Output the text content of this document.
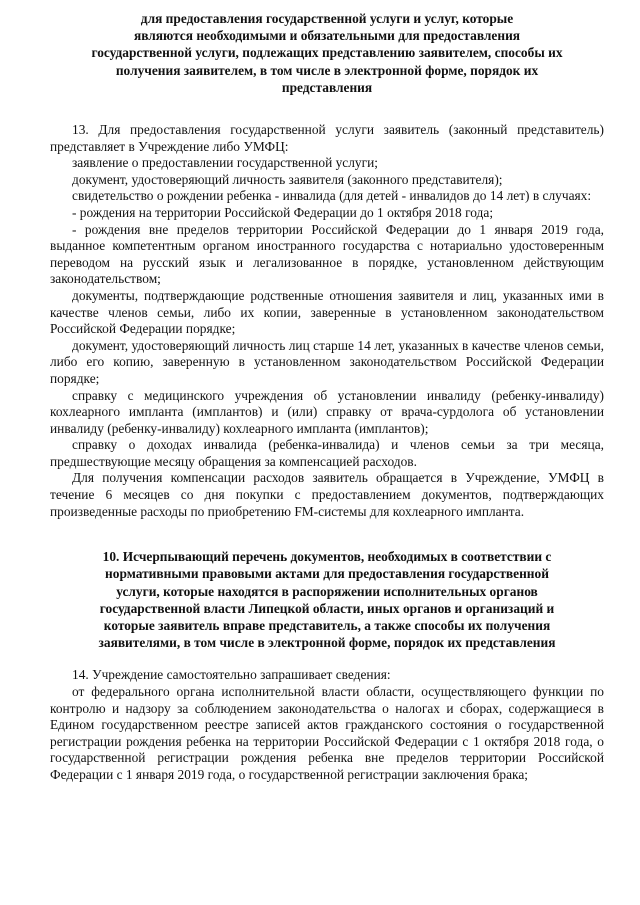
для предоставления государственной услуги и услуг, которые
являются необходимыми и обязательными для предоставления
государственной услуги, подлежащих представлению заявителем, способы их
получения заявителем, в том числе в электронной форме, порядок их
представления

13. Для предоставления государственной услуги заявитель (законный представитель) представляет в Учреждение либо УМФЦ:

заявление о предоставлении государственной услуги;

документ, удостоверяющий личность заявителя (законного представителя);

свидетельство о рождении ребенка - инвалида (для детей - инвалидов до 14 лет) в случаях:

- рождения на территории Российской Федерации до 1 октября 2018 года;

- рождения вне пределов территории Российской Федерации до 1 января 2019 года, выданное компетентным органом иностранного государства с нотариально удостоверенным переводом на русский язык и легализованное в порядке, установленном действующим законодательством;

документы, подтверждающие родственные отношения заявителя и лиц, указанных ими в качестве членов семьи, либо их копии, заверенные в установленном законодательством Российской Федерации порядке;

документ, удостоверяющий личность лиц старше 14 лет, указанных в качестве членов семьи, либо его копию, заверенную в установленном законодательством Российской Федерации порядке;

справку с медицинского учреждения об установлении инвалиду (ребенку-инвалиду) кохлеарного импланта (имплантов) и (или) справку от врача-сурдолога об установлении инвалиду (ребенку-инвалиду) кохлеарного импланта (имплантов);

справку о доходах инвалида (ребенка-инвалида) и членов семьи за три месяца, предшествующие месяцу обращения за компенсацией расходов.

Для получения компенсации расходов заявитель обращается в Учреждение, УМФЦ в течение 6 месяцев со дня покупки с предоставлением документов, подтверждающих произведенные расходы по приобретению FM-системы для кохлеарного импланта.

10. Исчерпывающий перечень документов, необходимых в соответствии с
нормативными правовыми актами для предоставления государственной
услуги, которые находятся в распоряжении исполнительных органов
государственной власти Липецкой области, иных органов и организаций и
которые заявитель вправе представитель, а также способы их получения
заявителями, в том числе в электронной форме, порядок их представления

14. Учреждение самостоятельно запрашивает сведения:

от федерального органа исполнительной власти области, осуществляющего функции по контролю и надзору за соблюдением законодательства о налогах и сборах, содержащиеся в Едином государственном реестре записей актов гражданского состояния о государственной регистрации рождения ребенка на территории Российской Федерации с 1 октября 2018 года, о государственной регистрации рождения ребенка вне пределов территории Российской Федерации с 1 января 2019 года, о государственной регистрации заключения брака;
